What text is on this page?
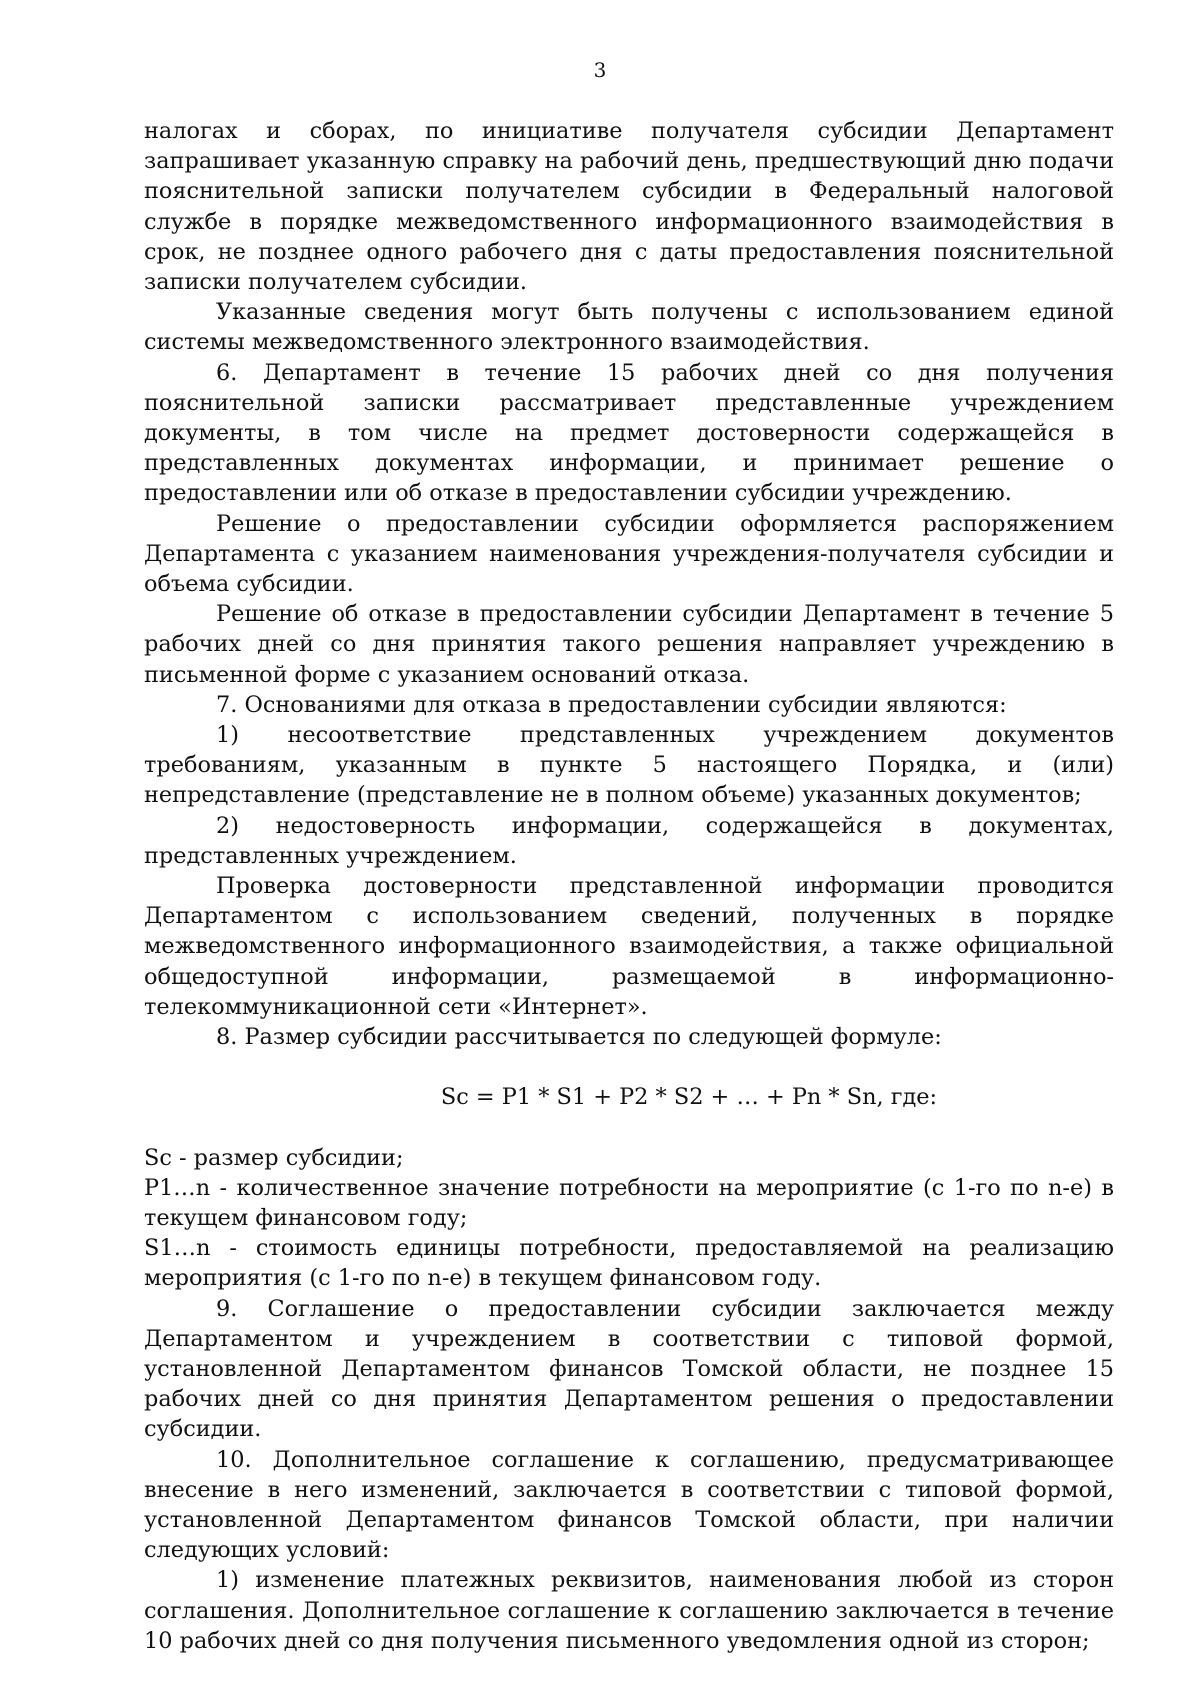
3

налогах и сборах, по инициативе получателя субсидии Департамент запрашивает указанную справку на рабочий день, предшествующий дню подачи пояснительной записки получателем субсидии в Федеральный налоговой службе в порядке межведомственного информационного взаимодействия в срок, не позднее одного рабочего дня с даты предоставления пояснительной записки получателем субсидии.

Указанные сведения могут быть получены с использованием единой системы межведомственного электронного взаимодействия.

6. Департамент в течение 15 рабочих дней со дня получения пояснительной записки рассматривает представленные учреждением документы, в том числе на предмет достоверности содержащейся в представленных документах информации, и принимает решение о предоставлении или об отказе в предоставлении субсидии учреждению.

Решение о предоставлении субсидии оформляется распоряжением Департамента с указанием наименования учреждения-получателя субсидии и объема субсидии.

Решение об отказе в предоставлении субсидии Департамент в течение 5 рабочих дней со дня принятия такого решения направляет учреждению в письменной форме с указанием оснований отказа.

7. Основаниями для отказа в предоставлении субсидии являются:

1) несоответствие представленных учреждением документов требованиям, указанным в пункте 5 настоящего Порядка, и (или) непредставление (представление не в полном объеме) указанных документов;

2) недостоверность информации, содержащейся в документах, представленных учреждением.

Проверка достоверности представленной информации проводится Департаментом с использованием сведений, полученных в порядке межведомственного информационного взаимодействия, а также официальной общедоступной информации, размещаемой в информационно-телекоммуникационной сети «Интернет».

8. Размер субсидии рассчитывается по следующей формуле:

Sc = P1 * S1 + P2 * S2 + … + Pn * Sn, где:

Sc - размер субсидии;

P1…n - количественное значение потребности на мероприятие (с 1-го по n-е) в текущем финансовом году;

S1…n - стоимость единицы потребности, предоставляемой на реализацию мероприятия (с 1-го по n-е) в текущем финансовом году.

9. Соглашение о предоставлении субсидии заключается между Департаментом и учреждением в соответствии с типовой формой, установленной Департаментом финансов Томской области, не позднее 15 рабочих дней со дня принятия Департаментом решения о предоставлении субсидии.

10. Дополнительное соглашение к соглашению, предусматривающее внесение в него изменений, заключается в соответствии с типовой формой, установленной Департаментом финансов Томской области, при наличии следующих условий:

1) изменение платежных реквизитов, наименования любой из сторон соглашения. Дополнительное соглашение к соглашению заключается в течение 10 рабочих дней со дня получения письменного уведомления одной из сторон;
